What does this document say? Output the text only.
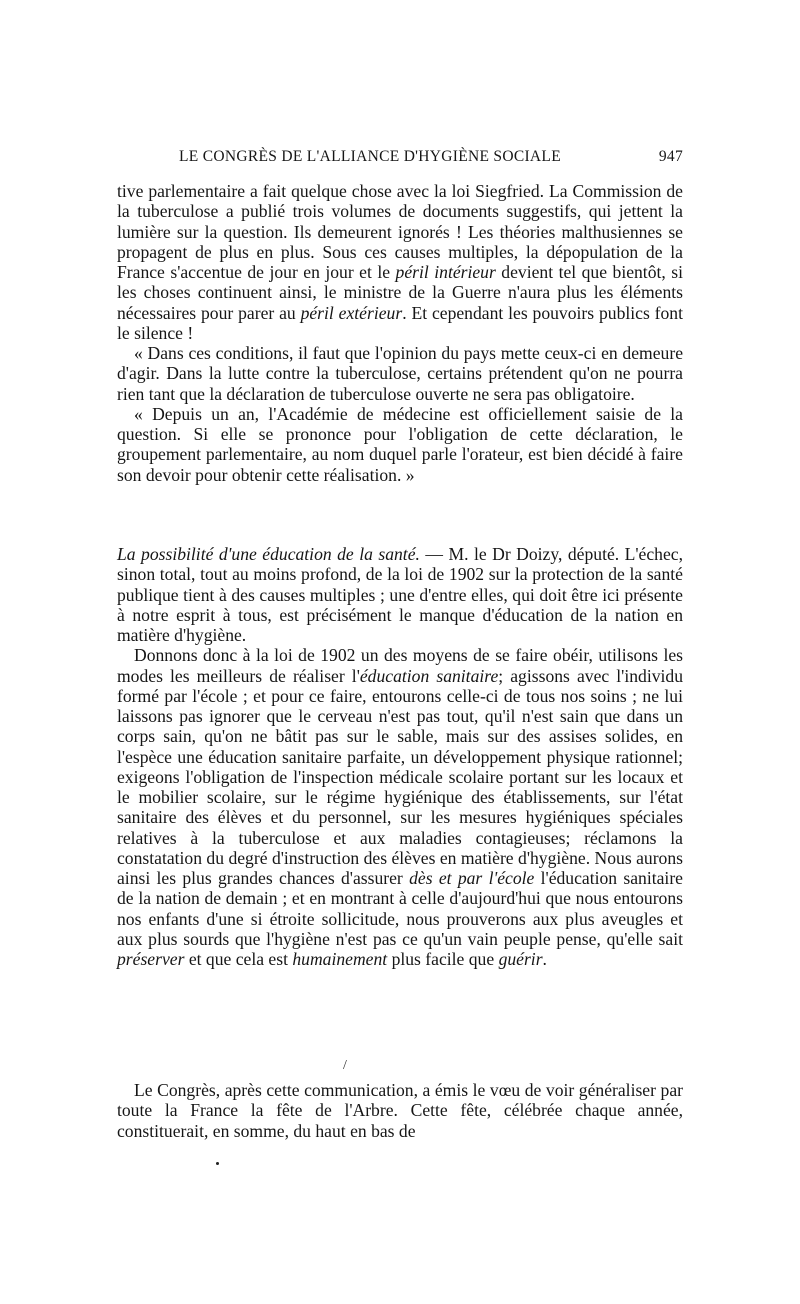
LE CONGRÈS DE L'ALLIANCE D'HYGIÈNE SOCIALE	947

tive parlementaire a fait quelque chose avec la loi Siegfried. La Commission de la tuberculose a publié trois volumes de documents suggestifs, qui jettent la lumière sur la question. Ils demeurent ignorés ! Les théories malthusiennes se propagent de plus en plus. Sous ces causes multiples, la dépopulation de la France s'accentue de jour en jour et le péril intérieur devient tel que bientôt, si les choses continuent ainsi, le ministre de la Guerre n'aura plus les éléments nécessaires pour parer au péril extérieur. Et cependant les pouvoirs publics font le silence !

« Dans ces conditions, il faut que l'opinion du pays mette ceux-ci en demeure d'agir. Dans la lutte contre la tuberculose, certains prétendent qu'on ne pourra rien tant que la déclaration de tuberculose ouverte ne sera pas obligatoire.

« Depuis un an, l'Académie de médecine est officiellement saisie de la question. Si elle se prononce pour l'obligation de cette déclaration, le groupement parlementaire, au nom duquel parle l'orateur, est bien décidé à faire son devoir pour obtenir cette réalisation. »

La possibilité d'une éducation de la santé. — M. le Dr Doizy, député. L'échec, sinon total, tout au moins profond, de la loi de 1902 sur la protection de la santé publique tient à des causes multiples ; une d'entre elles, qui doit être ici présente à notre esprit à tous, est précisément le manque d'éducation de la nation en matière d'hygiène.

Donnons donc à la loi de 1902 un des moyens de se faire obéir, utilisons les modes les meilleurs de réaliser l'éducation sanitaire; agissons avec l'individu formé par l'école ; et pour ce faire, entourons celle-ci de tous nos soins ; ne lui laissons pas ignorer que le cerveau n'est pas tout, qu'il n'est sain que dans un corps sain, qu'on ne bâtit pas sur le sable, mais sur des assises solides, en l'espèce une éducation sanitaire parfaite, un développement physique rationnel; exigeons l'obligation de l'inspection médicale scolaire portant sur les locaux et le mobilier scolaire, sur le régime hygiénique des établissements, sur l'état sanitaire des élèves et du personnel, sur les mesures hygiéniques spéciales relatives à la tuberculose et aux maladies contagieuses; réclamons la constatation du degré d'instruction des élèves en matière d'hygiène. Nous aurons ainsi les plus grandes chances d'assurer dès et par l'école l'éducation sanitaire de la nation de demain ; et en montrant à celle d'aujourd'hui que nous entourons nos enfants d'une si étroite sollicitude, nous prouverons aux plus aveugles et aux plus sourds que l'hygiène n'est pas ce qu'un vain peuple pense, qu'elle sait préserver et que cela est humainement plus facile que guérir.

/

Le Congrès, après cette communication, a émis le vœu de voir généraliser par toute la France la fête de l'Arbre. Cette fête, célébrée chaque année, constituerait, en somme, du haut en bas de
